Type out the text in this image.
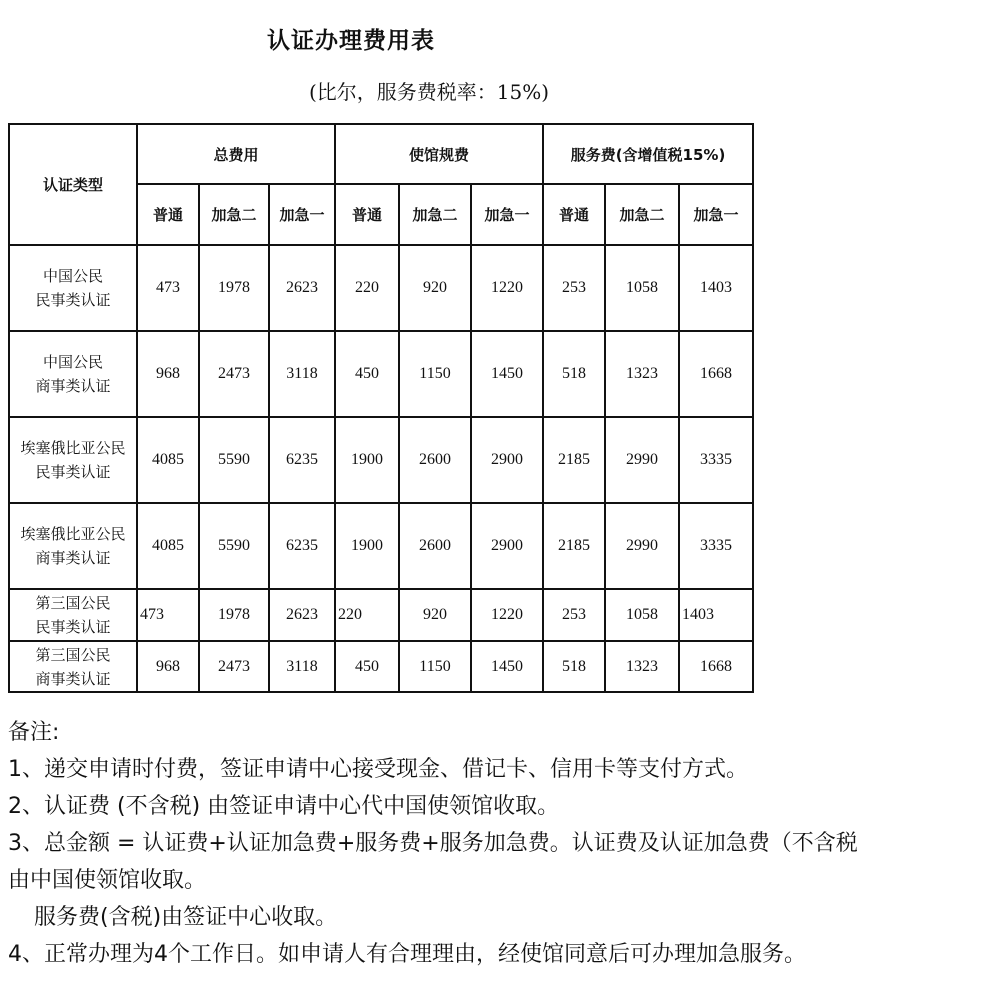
认证办理费用表
(比尔，服务费税率：15%)
认证类型	总费用			使馆规费			服务费(含增值税15%)		
	普通	加急二	加急一	普通	加急二	加急一	普通	加急二	加急一
中国公民
民事类认证	473	1978	2623	220	920	1220	253	1058	1403
中国公民
商事类认证	968	2473	3118	450	1150	1450	518	1323	1668
埃塞俄比亚公民
民事类认证	4085	5590	6235	1900	2600	2900	2185	2990	3335
埃塞俄比亚公民
商事类认证	4085	5590	6235	1900	2600	2900	2185	2990	3335
第三国公民
民事类认证	473	1978	2623	220	920	1220	253	1058	1403
第三国公民
商事类认证	968	2473	3118	450	1150	1450	518	1323	1668
备注:
1、递交申请时付费，签证申请中心接受现金、借记卡、信用卡等支付方式。
2、认证费 (不含税) 由签证申请中心代中国使领馆收取。
3、总金额 = 认证费+认证加急费+服务费+服务加急费。认证费及认证加急费（不含税
由中国使领馆收取。
服务费(含税)由签证中心收取。
4、正常办理为4个工作日。如申请人有合理理由，经使馆同意后可办理加急服务。
